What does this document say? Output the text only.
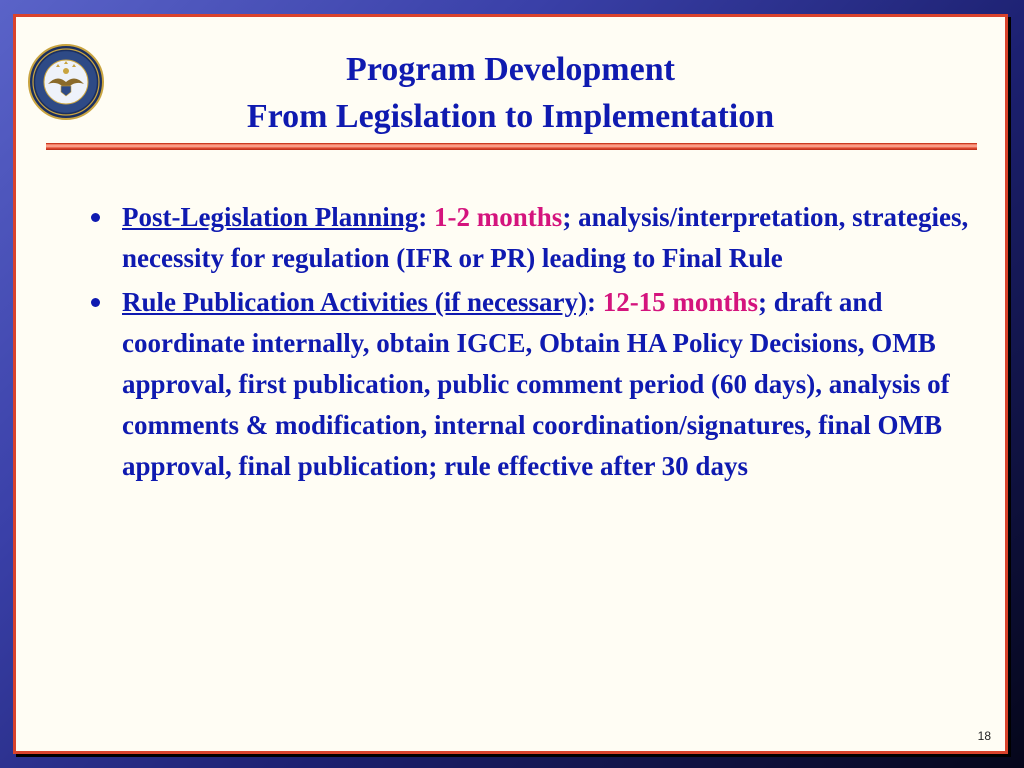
Program Development
From Legislation to Implementation
Post-Legislation Planning: 1-2 months; analysis/interpretation, strategies, necessity for regulation (IFR or PR) leading to Final Rule
Rule Publication Activities (if necessary): 12-15 months; draft and coordinate internally, obtain IGCE, Obtain HA Policy Decisions, OMB approval, first publication, public comment period (60 days), analysis of comments & modification, internal coordination/signatures, final OMB approval, final publication; rule effective after 30 days
18
